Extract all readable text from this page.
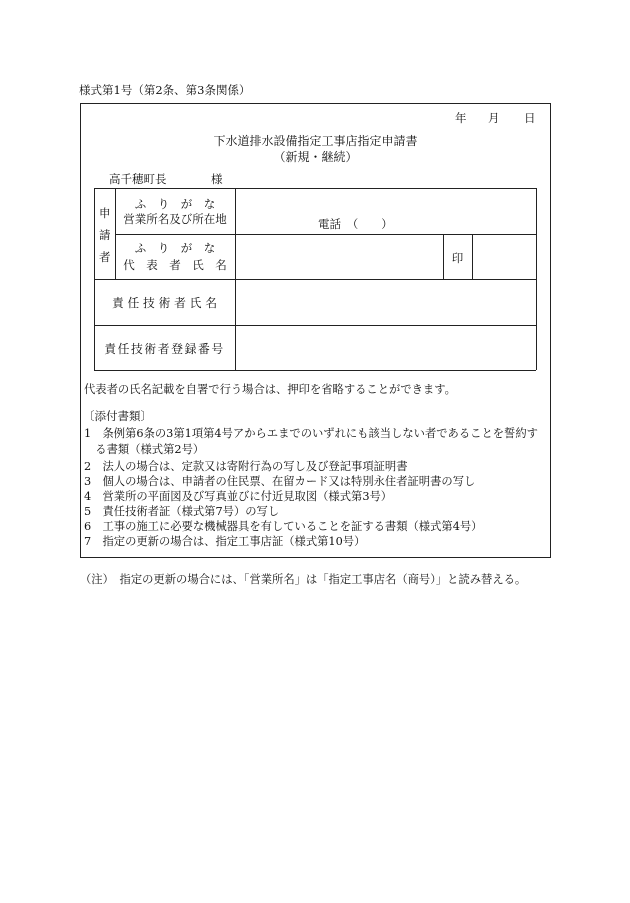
様式第1号（第2条、第3条関係）
年 月 日
下水道排水設備指定工事店指定申請書
（新規・継続）
高千穂町長	様
申
請
者
ふ　り　が　な
営業所名及び所在地	電話　（　　）
ふ　り　が　な
代　表　者　氏　名	印
責 任 技 術 者 氏 名
責任技術者登録番号
代表者の氏名記載を自署で行う場合は、押印を省略することができます。
〔添付書類〕
1　条例第6条の3第1項第4号アからエまでのいずれにも該当しない者であることを誓約す
　る書類（様式第2号）
2　法人の場合は、定款又は寄附行為の写し及び登記事項証明書
3　個人の場合は、申請者の住民票、在留カード又は特別永住者証明書の写し
4　営業所の平面図及び写真並びに付近見取図（様式第3号）
5　責任技術者証（様式第7号）の写し
6　工事の施工に必要な機械器具を有していることを証する書類（様式第4号）
7　指定の更新の場合は、指定工事店証（様式第10号）
（注）　指定の更新の場合には、「営業所名」は「指定工事店名（商号）」と読み替える。
